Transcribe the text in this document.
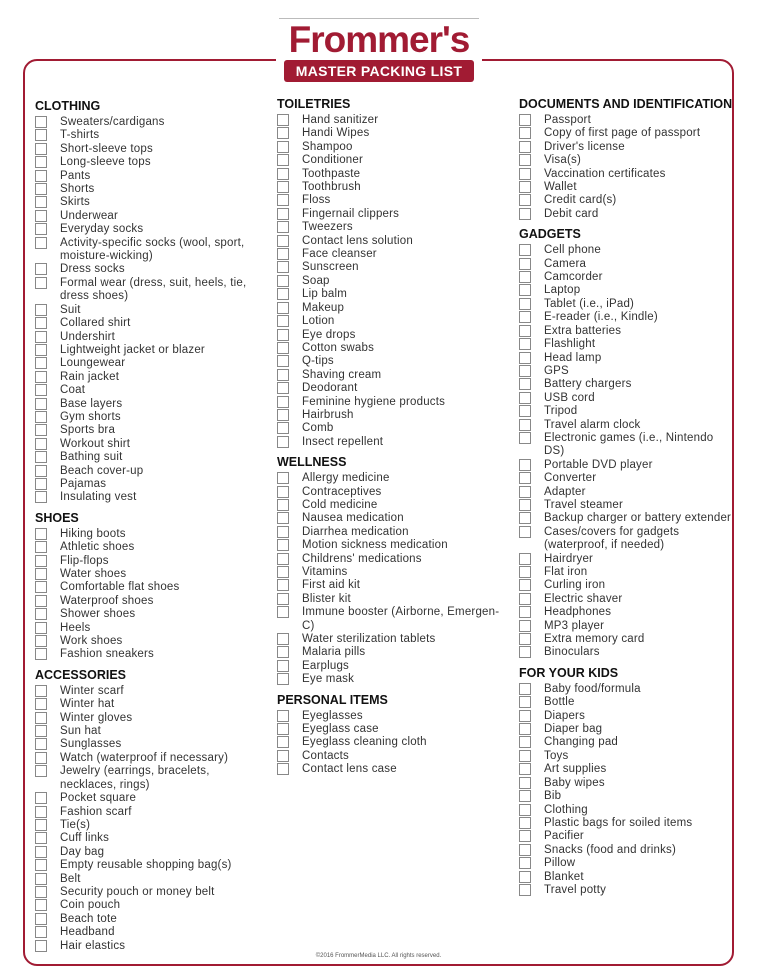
Frommer's
MASTER PACKING LIST
CLOTHING
Sweaters/cardigans
T-shirts
Short-sleeve tops
Long-sleeve tops
Pants
Shorts
Skirts
Underwear
Everyday socks
Activity-specific socks (wool, sport, moisture-wicking)
Dress socks
Formal wear (dress, suit, heels, tie, dress shoes)
Suit
Collared shirt
Undershirt
Lightweight jacket or blazer
Loungewear
Rain jacket
Coat
Base layers
Gym shorts
Sports bra
Workout shirt
Bathing suit
Beach cover-up
Pajamas
Insulating vest
SHOES
Hiking boots
Athletic shoes
Flip-flops
Water shoes
Comfortable flat shoes
Waterproof shoes
Shower shoes
Heels
Work shoes
Fashion sneakers
ACCESSORIES
Winter scarf
Winter hat
Winter gloves
Sun hat
Sunglasses
Watch (waterproof if necessary)
Jewelry (earrings, bracelets, necklaces, rings)
Pocket square
Fashion scarf
Tie(s)
Cuff links
Day bag
Empty reusable shopping bag(s)
Belt
Security pouch or money belt
Coin pouch
Beach tote
Headband
Hair elastics
TOILETRIES
Hand sanitizer
Handi Wipes
Shampoo
Conditioner
Toothpaste
Toothbrush
Floss
Fingernail clippers
Tweezers
Contact lens solution
Face cleanser
Sunscreen
Soap
Lip balm
Makeup
Lotion
Eye drops
Cotton swabs
Q-tips
Shaving cream
Deodorant
Feminine hygiene products
Hairbrush
Comb
Insect repellent
WELLNESS
Allergy medicine
Contraceptives
Cold medicine
Nausea medication
Diarrhea medication
Motion sickness medication
Childrens' medications
Vitamins
First aid kit
Blister kit
Immune booster (Airborne, Emergen-C)
Water sterilization tablets
Malaria pills
Earplugs
Eye mask
PERSONAL ITEMS
Eyeglasses
Eyeglass case
Eyeglass cleaning cloth
Contacts
Contact lens case
DOCUMENTS AND IDENTIFICATION
Passport
Copy of first page of passport
Driver's license
Visa(s)
Vaccination certificates
Wallet
Credit card(s)
Debit card
GADGETS
Cell phone
Camera
Camcorder
Laptop
Tablet (i.e., iPad)
E-reader (i.e., Kindle)
Extra batteries
Flashlight
Head lamp
GPS
Battery chargers
USB cord
Tripod
Travel alarm clock
Electronic games (i.e., Nintendo DS)
Portable DVD player
Converter
Adapter
Travel steamer
Backup charger or battery extender
Cases/covers for gadgets (waterproof, if needed)
Hairdryer
Flat iron
Curling iron
Electric shaver
Headphones
MP3 player
Extra memory card
Binoculars
FOR YOUR KIDS
Baby food/formula
Bottle
Diapers
Diaper bag
Changing pad
Toys
Art supplies
Baby wipes
Bib
Clothing
Plastic bags for soiled items
Pacifier
Snacks (food and drinks)
Pillow
Blanket
Travel potty
©2016 FrommerMedia LLC. All rights reserved.
